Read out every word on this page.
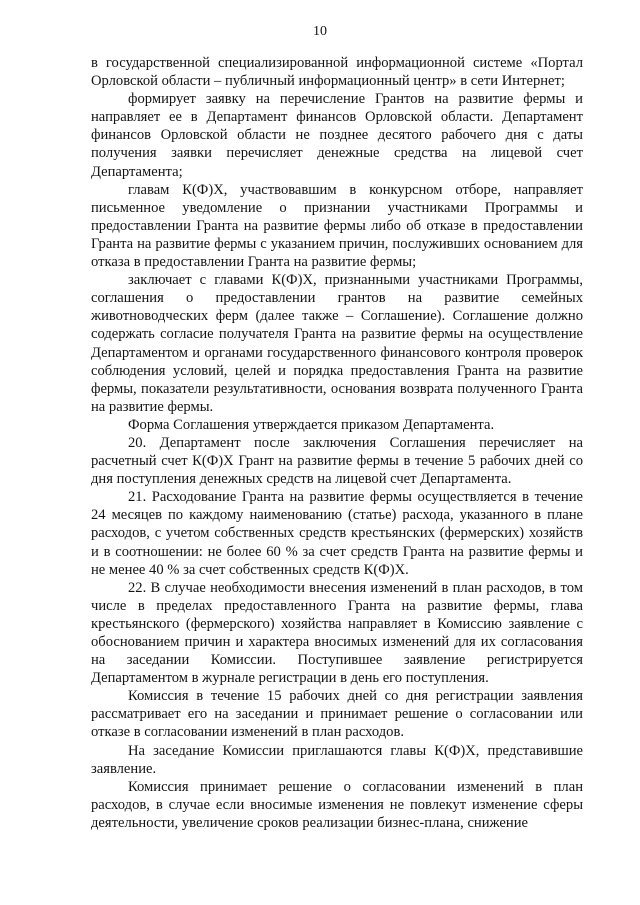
10

в государственной специализированной информационной системе «Портал Орловской области – публичный информационный центр» в сети Интернет;

формирует заявку на перечисление Грантов на развитие фермы и направляет ее в Департамент финансов Орловской области. Департамент финансов Орловской области не позднее десятого рабочего дня с даты получения заявки перечисляет денежные средства на лицевой счет Департамента;

главам К(Ф)Х, участвовавшим в конкурсном отборе, направляет письменное уведомление о признании участниками Программы и предоставлении Гранта на развитие фермы либо об отказе в предоставлении Гранта на развитие фермы с указанием причин, послуживших основанием для отказа в предоставлении Гранта на развитие фермы;

заключает с главами К(Ф)Х, признанными участниками Программы, соглашения о предоставлении грантов на развитие семейных животноводческих ферм (далее также – Соглашение). Соглашение должно содержать согласие получателя Гранта на развитие фермы на осуществление Департаментом и органами государственного финансового контроля проверок соблюдения условий, целей и порядка предоставления Гранта на развитие фермы, показатели результативности, основания возврата полученного Гранта на развитие фермы.

Форма Соглашения утверждается приказом Департамента.

20. Департамент после заключения Соглашения перечисляет на расчетный счет К(Ф)Х Грант на развитие фермы в течение 5 рабочих дней со дня поступления денежных средств на лицевой счет Департамента.

21. Расходование Гранта на развитие фермы осуществляется в течение 24 месяцев по каждому наименованию (статье) расхода, указанного в плане расходов, с учетом собственных средств крестьянских (фермерских) хозяйств и в соотношении: не более 60 % за счет средств Гранта на развитие фермы и не менее 40 % за счет собственных средств К(Ф)Х.

22. В случае необходимости внесения изменений в план расходов, в том числе в пределах предоставленного Гранта на развитие фермы, глава крестьянского (фермерского) хозяйства направляет в Комиссию заявление с обоснованием причин и характера вносимых изменений для их согласования на заседании Комиссии. Поступившее заявление регистрируется Департаментом в журнале регистрации в день его поступления.

Комиссия в течение 15 рабочих дней со дня регистрации заявления рассматривает его на заседании и принимает решение о согласовании или отказе в согласовании изменений в план расходов.

На заседание Комиссии приглашаются главы К(Ф)Х, представившие заявление.

Комиссия принимает решение о согласовании изменений в план расходов, в случае если вносимые изменения не повлекут изменение сферы деятельности, увеличение сроков реализации бизнес-плана, снижение
